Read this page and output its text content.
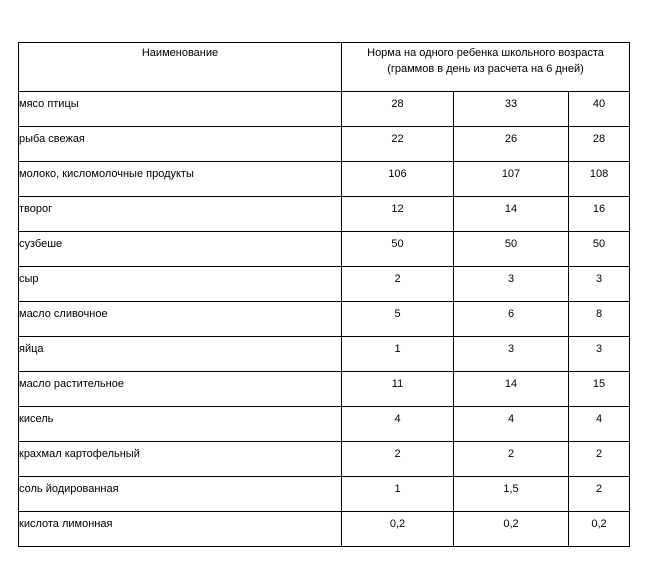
Наименование	Норма на одного ребенка школьного возраста
(граммов в день из расчета на 6 дней)		

мясо птицы	28	33	40
рыба свежая	22	26	28
молоко, кисломолочные продукты	106	107	108
творог	12	14	16
сузбеше	50	50	50
сыр	2	3	3
масло сливочное	5	6	8
яйца	1	3	3
масло растительное	11	14	15
кисель	4	4	4
крахмал картофельный	2	2	2
соль йодированная	1	1,5	2
кислота лимонная	0,2	0,2	0,2
